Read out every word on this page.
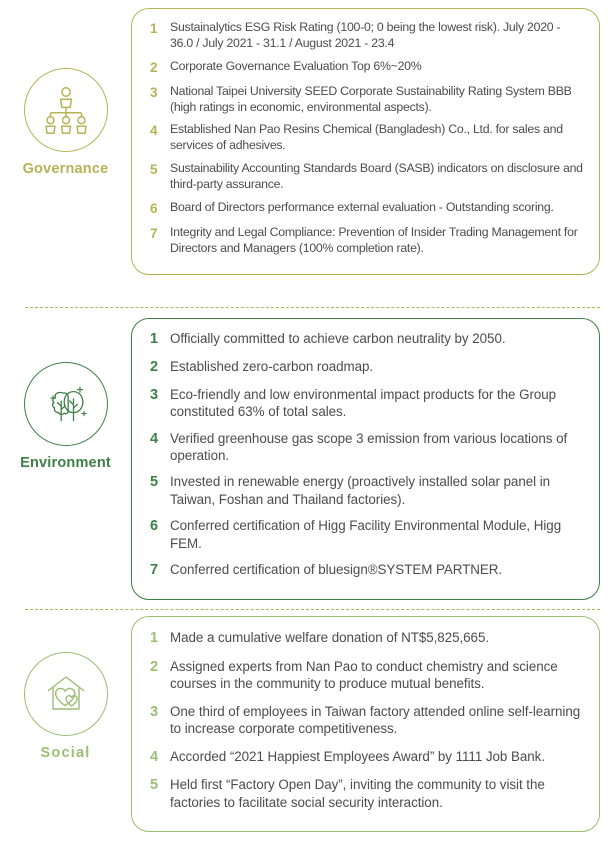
Governance
1	Sustainalytics ESG Risk Rating (100-0; 0 being the lowest risk). July 2020 - 36.0 / July 2021 - 31.1 / August 2021 - 23.4
2	Corporate Governance Evaluation Top 6%~20%
3	National Taipei University SEED Corporate Sustainability Rating System BBB (high ratings in economic, environmental aspects).
4	Established Nan Pao Resins Chemical (Bangladesh) Co., Ltd. for sales and services of adhesives.
5	Sustainability Accounting Standards Board (SASB) indicators on disclosure and third-party assurance.
6	Board of Directors performance external evaluation - Outstanding scoring.
7	Integrity and Legal Compliance: Prevention of Insider Trading Management for Directors and Managers (100% completion rate).
Environment
1 Officially committed to achieve carbon neutrality by 2050.
2 Established zero-carbon roadmap.
3 Eco-friendly and low environmental impact products for the Group constituted 63% of total sales.
4 Verified greenhouse gas scope 3 emission from various locations of operation.
5 Invested in renewable energy (proactively installed solar panel in Taiwan, Foshan and Thailand factories).
6 Conferred certification of Higg Facility Environmental Module, Higg FEM.
7 Conferred certification of bluesign®SYSTEM PARTNER.
Social
1 Made a cumulative welfare donation of NT$5,825,665.
2 Assigned experts from Nan Pao to conduct chemistry and science courses in the community to produce mutual benefits.
3 One third of employees in Taiwan factory attended online self-learning to increase corporate competitiveness.
4 Accorded “2021 Happiest Employees Award” by 1111 Job Bank.
5 Held first “Factory Open Day”, inviting the community to visit the factories to facilitate social security interaction.
